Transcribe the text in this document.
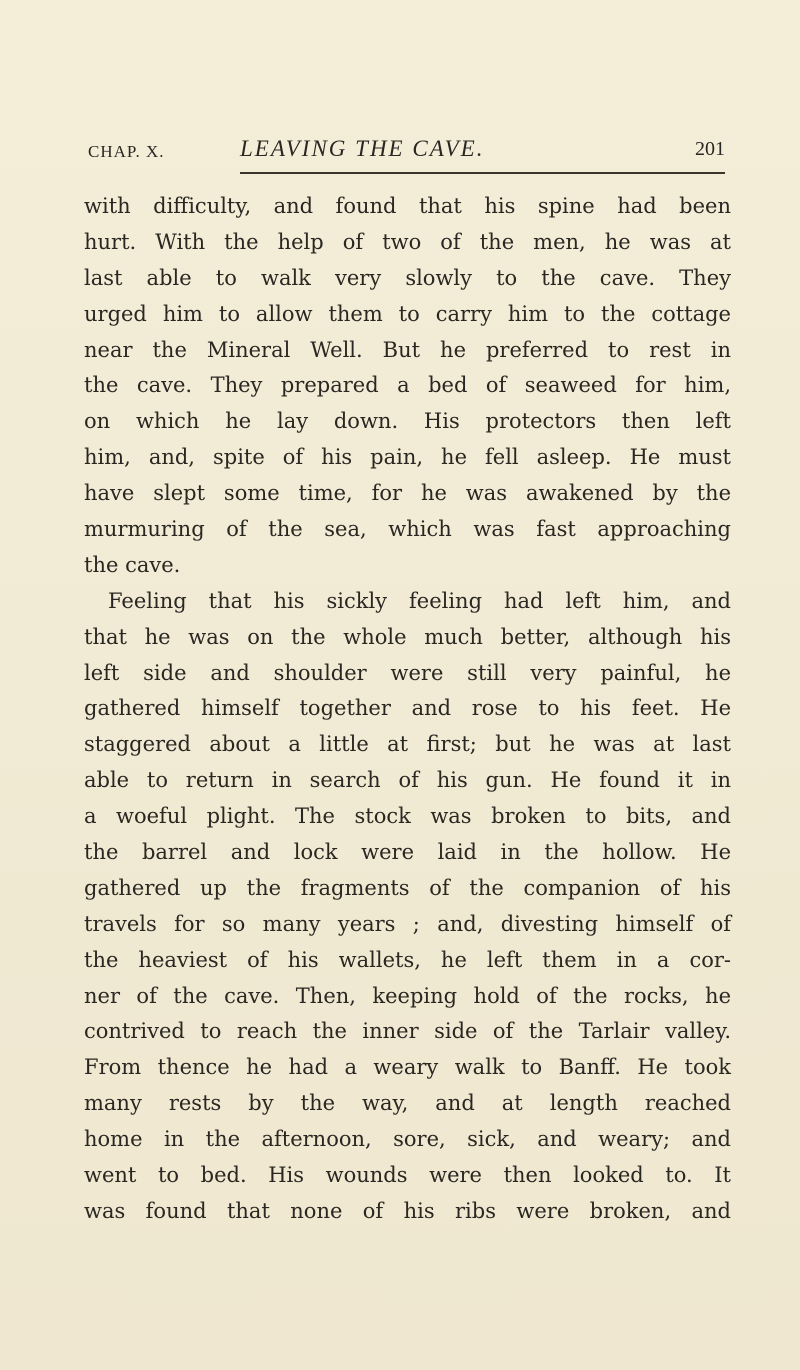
CHAP. X.	LEAVING THE CAVE.	201
with difficulty, and found that his spine had been
hurt. With the help of two of the men, he was at
last able to walk very slowly to the cave. They
urged him to allow them to carry him to the cottage
near the Mineral Well. But he preferred to rest in
the cave. They prepared a bed of seaweed for him,
on which he lay down. His protectors then left
him, and, spite of his pain, he fell asleep. He must
have slept some time, for he was awakened by the
murmuring of the sea, which was fast approaching
the cave.
Feeling that his sickly feeling had left him, and
that he was on the whole much better, although his
left side and shoulder were still very painful, he
gathered himself together and rose to his feet. He
staggered about a little at first; but he was at last
able to return in search of his gun. He found it in
a woeful plight. The stock was broken to bits, and
the barrel and lock were laid in the hollow. He
gathered up the fragments of the companion of his
travels for so many years ; and, divesting himself of
the heaviest of his wallets, he left them in a cor-
ner of the cave. Then, keeping hold of the rocks, he
contrived to reach the inner side of the Tarlair valley.
From thence he had a weary walk to Banff. He took
many rests by the way, and at length reached
home in the afternoon, sore, sick, and weary; and
went to bed. His wounds were then looked to. It
was found that none of his ribs were broken, and
